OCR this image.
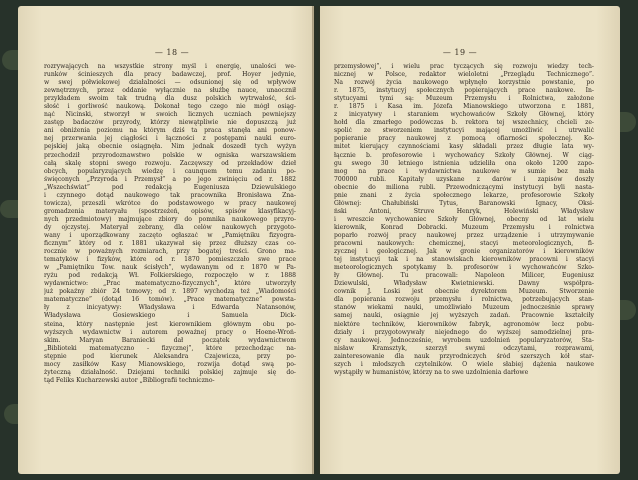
— 18 —
rozrywających na wszystkie strony myśl i energię, unalości we-
runków ścinieszych dla pracy badawczej, prof. Hoyer jedynie,
w swej półwiekowej działalności — odsunionej się od wpływów
zewnętrznych, przez oddanie wyłącznie na służbę nauce, unaocznił
przykładem swoim tak trudną dla dusz polskich wytrwałość, ści-
słość i gorliwość naukową. Dokonał tego czego nie mógł osiąg-
nąć Nicinski, stworzył w swoich licznych uczniach pewniejszy
zastęp badaczów przyrody, którzy niewątpliwie nie dopuszczą już
ani obniżenia poziomu na którym dziś ta praca stanęła ani ponow-
nej przerwania jej ciągłości i łączności z postępami nauki euro-
pejskiej jaką obecnie osiągnęła. Nim jednak doszedł tych wyżyn
przechodził przyrodoznawstwo polskie w ogniska warszawskiem
całą skalę stopni swego rozwoju. Zaczęwszy od przekładów dzieł
obcych, popularyzujących wiedzę i caunquem temu zadaniu po-
święconych „Przyroda i Przemysł” a po jego zwinięciu od r. 1882
„Wszechświat” pod redakcją Eugeniusza Dziewulskiego
i czynnego dotąd naukowego tak pracownika Bronisława Zna-
towicza), przeszli wkrótce do podstawowego w pracy naukowej
gromadzenia materyału (spostrzeżeń, opisów, spisów klasyfikacyj-
nych przedmiotowy) majmujące zbiory do pomnika naukowego przyro-
dy ojczystej. Materyał zebrany, dla celów naukowych przygoto-
wany i uporządkowany zaczęto ogłaszać w „Pamiętniku fizyogra-
ficznym” który od r. 1881 ukazywał się przez dłuższy czas co-
rocznie w poważnych rozmiarach, przy bogatej treści. Grono ma-
tematyków i fizyków, które od r. 1870 pomieszczało swe prace
w „Pamiętniku Tow. nauk ścisłych”, wydawanym od r. 1870 w Pa-
ryżu pod redakcją Wł. Folkierskiego, rozpoczęło w r. 1888
wydawnictwo: „Prac matematyczno-fizycznych”, które utworzyły
już pokaźny zbiór 24 tomowy; od r. 1897 wychodzą też „Wiadomości
matematyczne” (dotąd 16 tomów). „Prace matematyczne” powsta-
ły z inicyatywy: Władysława i Edwarda Natansonów,
Władysława Gosiewskiego i Samuela Dick-
steina, który następnie jest kierownikiem głównym obu po-
wyższych wydawnictw i autorem poważnej pracy o Hoene-Wroń-
skim. Maryan Baraniecki dał początek wydawnictwom
„Biblioteki matematyczno - fizycznej”, które przechodząc na-
stępnie pod kierunek Aleksandra Czajewicza, przy po-
mocy zasiłków Kasy Mianowskiego, rozwija dotąd swą po-
żyteczną działalność. Dziejami techniki polskiej zajmuje się do-
tąd Feliks Kucharzewski autor „Bibliografii techniczno-
— 19 —
przemysłowej”, i wielu prac tyczących się rozwoju wiedzy tech-
nicznej w Polsce, redaktor wieloletni „Przeglądu Technicznego”.
Na rozwój życia naukowego wpłynęło korzystnie powstanie, po
r. 1875, instytucyj społecznych popierających prace naukowe. In-
stytucyami tymi są: Muzeum Przemysłu i Rolnictwa, założone
r. 1875 i Kasa im. Józefa Mianowskiego utworzona r. 1881,
z inicyatywy i staraniem wychowańców Szkoły Głównej, który
hołd dla zmarłego podówczas b. rektora tej wszechnicy, chcieli ze-
spolić ze stworzeniem instytucyi mającej umożliwić i utrwalić
popieranie pracy naukowej z pomocą ofiarności społecznej. Ko-
mitet kierujący czynnościami kasy składali przez długie lata wy-
łącznie b. profesorowie i wychowańcy Szkoły Głównej. W ciąg-
gu swego 30 letniego istnienia udzieliła ona około 1200 zapo-
mog na prace i wydawnictwa naukowe w sumie bez mała
700000 rubli. Kapitały uzyskane z darów i zapisów doszły
obecnie do miliona rubli. Przewodniczącymi instytucyi byli nasta-
pnie znani z życia społecznego lekarze, profesorowie Szkoły
Głównej: Chałubiński Tytus, Baranowski Ignacy, Oksi-
ński Antoni, Struve Henryk, Holewiński Władysław
i wreszcie wychowaniec Szkoły Głównej, obecny od lat wielu
kierownik, Konrad Dobracki. Muzeum Przemysłu i rolnictwa
poparło rozwój pracy naukowej przez urządzenie i utrzymywanie
pracowni naukowych: chemicznej, stacyi meteorologicznych, fi-
zycznej i geologicznej. Jak w gronie organizatorów i kierowników
tej instytucyi tak i na stanowiskach kierowników pracowni i stacyi
meteorologicznych spotykamy b. profesorów i wychowańców Szko-
ły Głównej. Tu pracowali: Napoleon Milicer, Eugeniusz
Dziewulski, Władysław Kwietniewski. Dawny współpra-
cownik J. Loski jest obecnie dyrektorem Muzeum. Stworzenie
dla popierania rozwoju przemysłu i rolnictwa, potrzebujących stan-
stanów wiekami nauki, umożliwiało Muzeum jednocześnie sprawy
samej nauki, osiągnie jej wyższych zadań. Pracownie kształciły
niektóre techników, kierowników fabryk, agronomów lecz pobu-
działy i przygotowywały niejednego do wyższej samodzielnej pra-
cy naukowej. Jednocześnie, wyrobem uzdolnień popularyzatorów, Sta-
nisław Kramsztyk, szerzył swymi odczytami, rozprawami,
zainteresowanie dla nauk przyrodniczych śród szerszych kół star-
szych i młodszych czytelników. O wiele słabiej dążenia naukowe
wystąpiły w humanistów, którzy na to swe uzdolnienia darłowe
